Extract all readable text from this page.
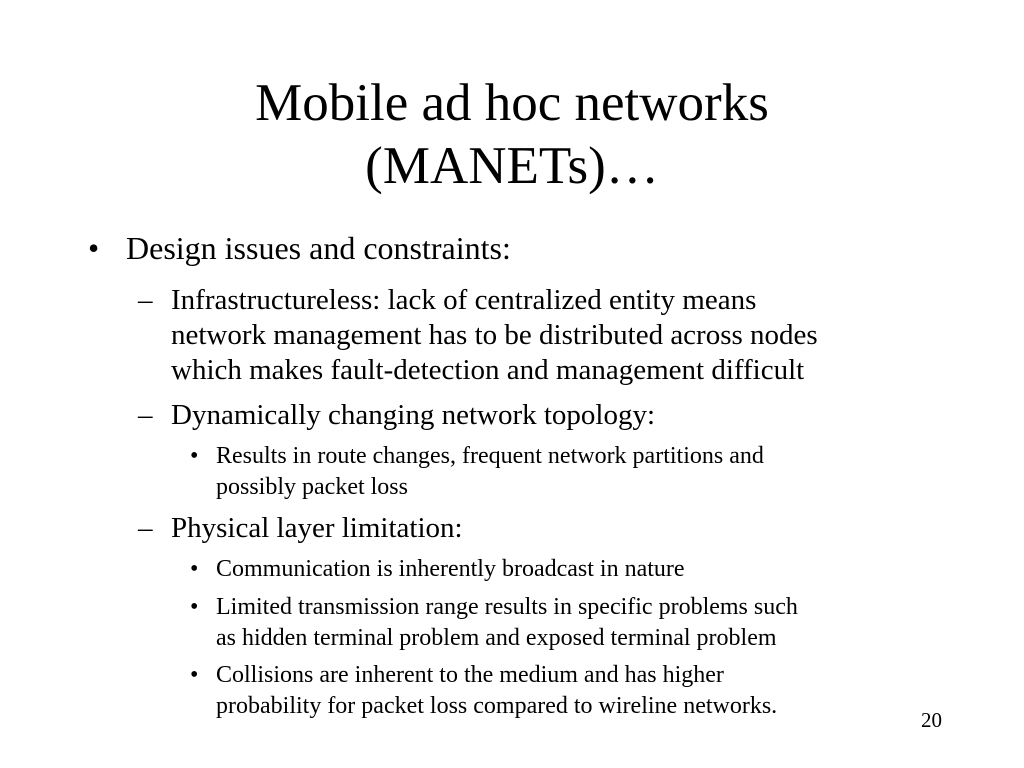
Mobile ad hoc networks
(MANETs)…
• Design issues and constraints:
– Infrastructureless: lack of centralized entity means
network management has to be distributed across nodes
which makes fault-detection and management difficult
– Dynamically changing network topology:
• Results in route changes, frequent network partitions and
possibly packet loss
– Physical layer limitation:
• Communication is inherently broadcast in nature
• Limited transmission range results in specific problems such
as hidden terminal problem and exposed terminal problem
• Collisions are inherent to the medium and has higher
probability for packet loss compared to wireline networks.
20
